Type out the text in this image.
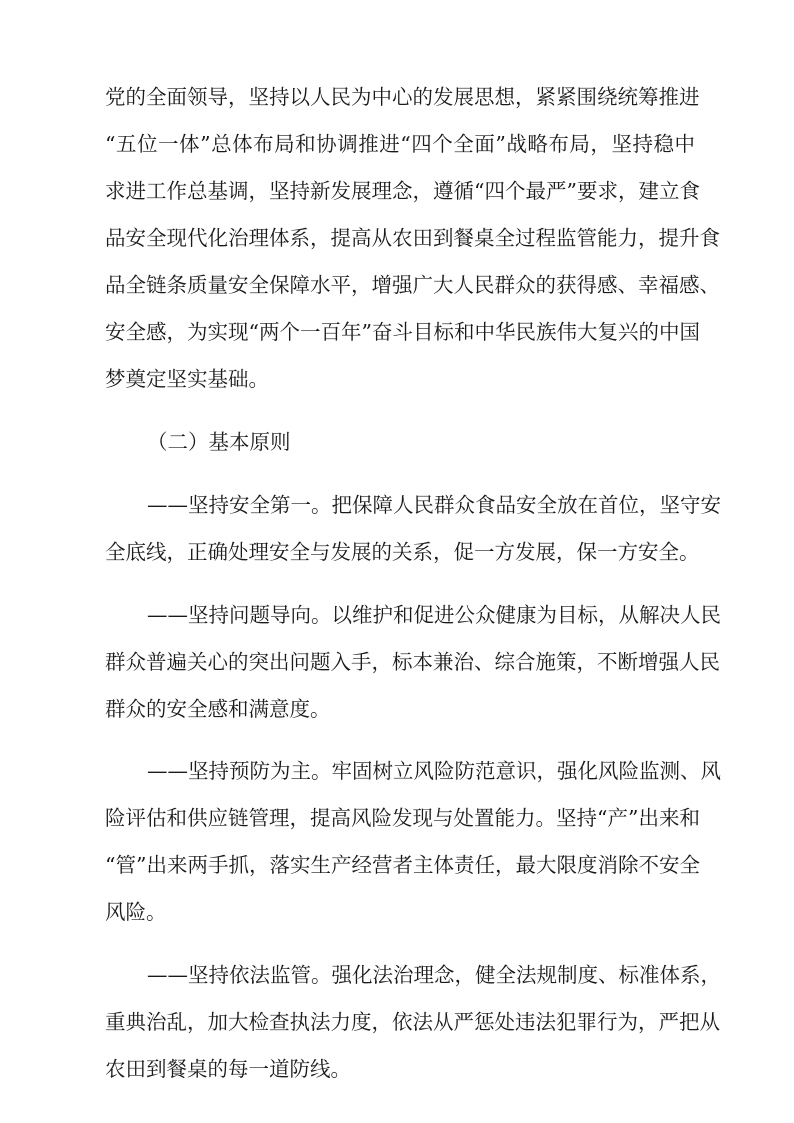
党的全面领导，坚持以人民为中心的发展思想，紧紧围绕统筹推进
“五位一体”总体布局和协调推进“四个全面”战略布局，坚持稳中
求进工作总基调，坚持新发展理念，遵循“四个最严”要求，建立食
品安全现代化治理体系，提高从农田到餐桌全过程监管能力，提升食
品全链条质量安全保障水平，增强广大人民群众的获得感、幸福感、
安全感，为实现“两个一百年”奋斗目标和中华民族伟大复兴的中国
梦奠定坚实基础。
（二）基本原则
——坚持安全第一。把保障人民群众食品安全放在首位，坚守安
全底线，正确处理安全与发展的关系，促一方发展，保一方安全。
——坚持问题导向。以维护和促进公众健康为目标，从解决人民
群众普遍关心的突出问题入手，标本兼治、综合施策，不断增强人民
群众的安全感和满意度。
——坚持预防为主。牢固树立风险防范意识，强化风险监测、风
险评估和供应链管理，提高风险发现与处置能力。坚持“产”出来和
“管”出来两手抓，落实生产经营者主体责任，最大限度消除不安全
风险。
——坚持依法监管。强化法治理念，健全法规制度、标准体系，
重典治乱，加大检查执法力度，依法从严惩处违法犯罪行为，严把从
农田到餐桌的每一道防线。
